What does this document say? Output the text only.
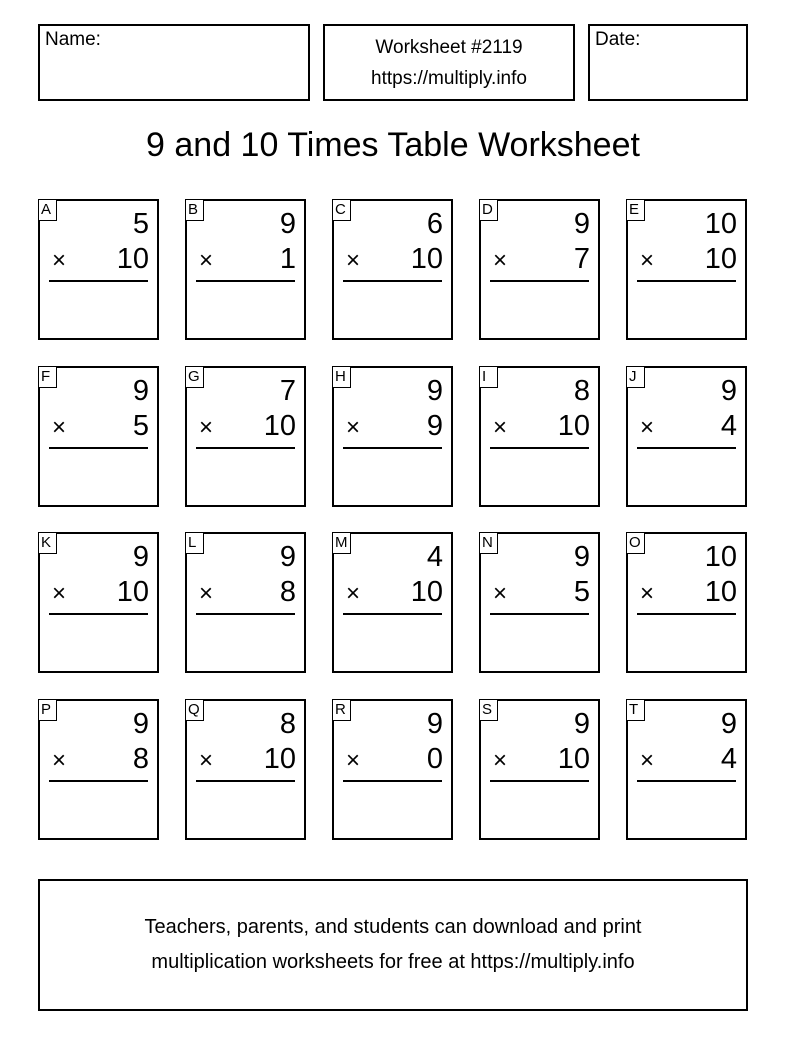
Name:	Worksheet #2119
https://multiply.info
Date:
9 and 10 Times Table Worksheet
A	5
× 10
B	9
× 1
C	6
× 10
D	9
× 7
E 10
× 10
F	9
× 5
G	7
× 10
H	9
× 9
I	8
× 10
J	9
× 4
K	9
× 10
L	9
× 8
M	4
× 10
N	9
× 5
O 10
× 10
P	9
× 8
Q	8
× 10
R	9
× 0
S	9
× 10
T	9
× 4
Teachers, parents, and students can download and print
multiplication worksheets for free at https://multiply.info
